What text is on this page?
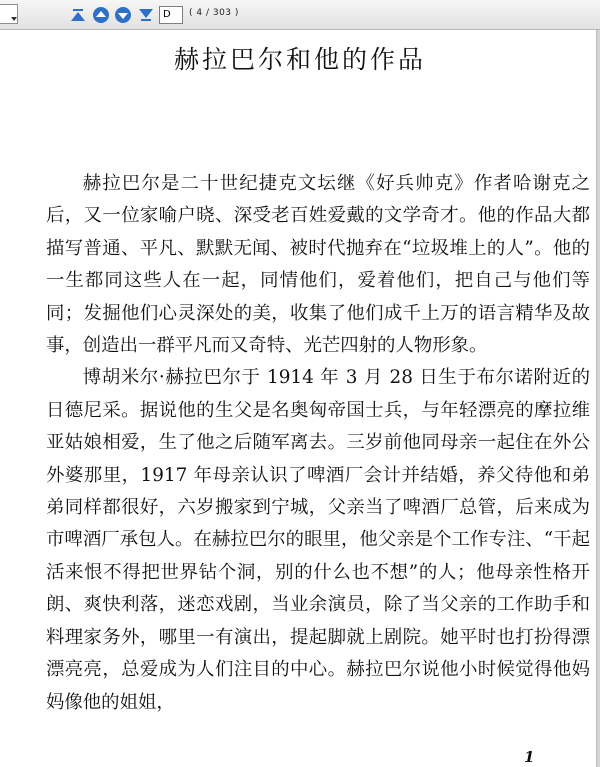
D	( 4 / 303 )
赫拉巴尔和他的作品

赫拉巴尔是二十世纪捷克文坛继《好兵帅克》作者哈谢克之后，又一位家喻户晓、深受老百姓爱戴的文学奇才。他的作品大都描写普通、平凡、默默无闻、被时代抛弃在“垃圾堆上的人”。他的一生都同这些人在一起，同情他们，爱着他们，把自己与他们等同；发掘他们心灵深处的美，收集了他们成千上万的语言精华及故事，创造出一群平凡而又奇特、光芒四射的人物形象。

博胡米尔·赫拉巴尔于 1914 年 3 月 28 日生于布尔诺附近的日德尼采。据说他的生父是名奥匈帝国士兵，与年轻漂亮的摩拉维亚姑娘相爱，生了他之后随军离去。三岁前他同母亲一起住在外公外婆那里，1917 年母亲认识了啤酒厂会计并结婚，养父待他和弟弟同样都很好，六岁搬家到宁城，父亲当了啤酒厂总管，后来成为市啤酒厂承包人。在赫拉巴尔的眼里，他父亲是个工作专注、“干起活来恨不得把世界钻个洞，别的什么也不想”的人；他母亲性格开朗、爽快利落，迷恋戏剧，当业余演员，除了当父亲的工作助手和料理家务外，哪里一有演出，提起脚就上剧院。她平时也打扮得漂漂亮亮，总爱成为人们注目的中心。赫拉巴尔说他小时候觉得他妈妈像他的姐姐，

1
